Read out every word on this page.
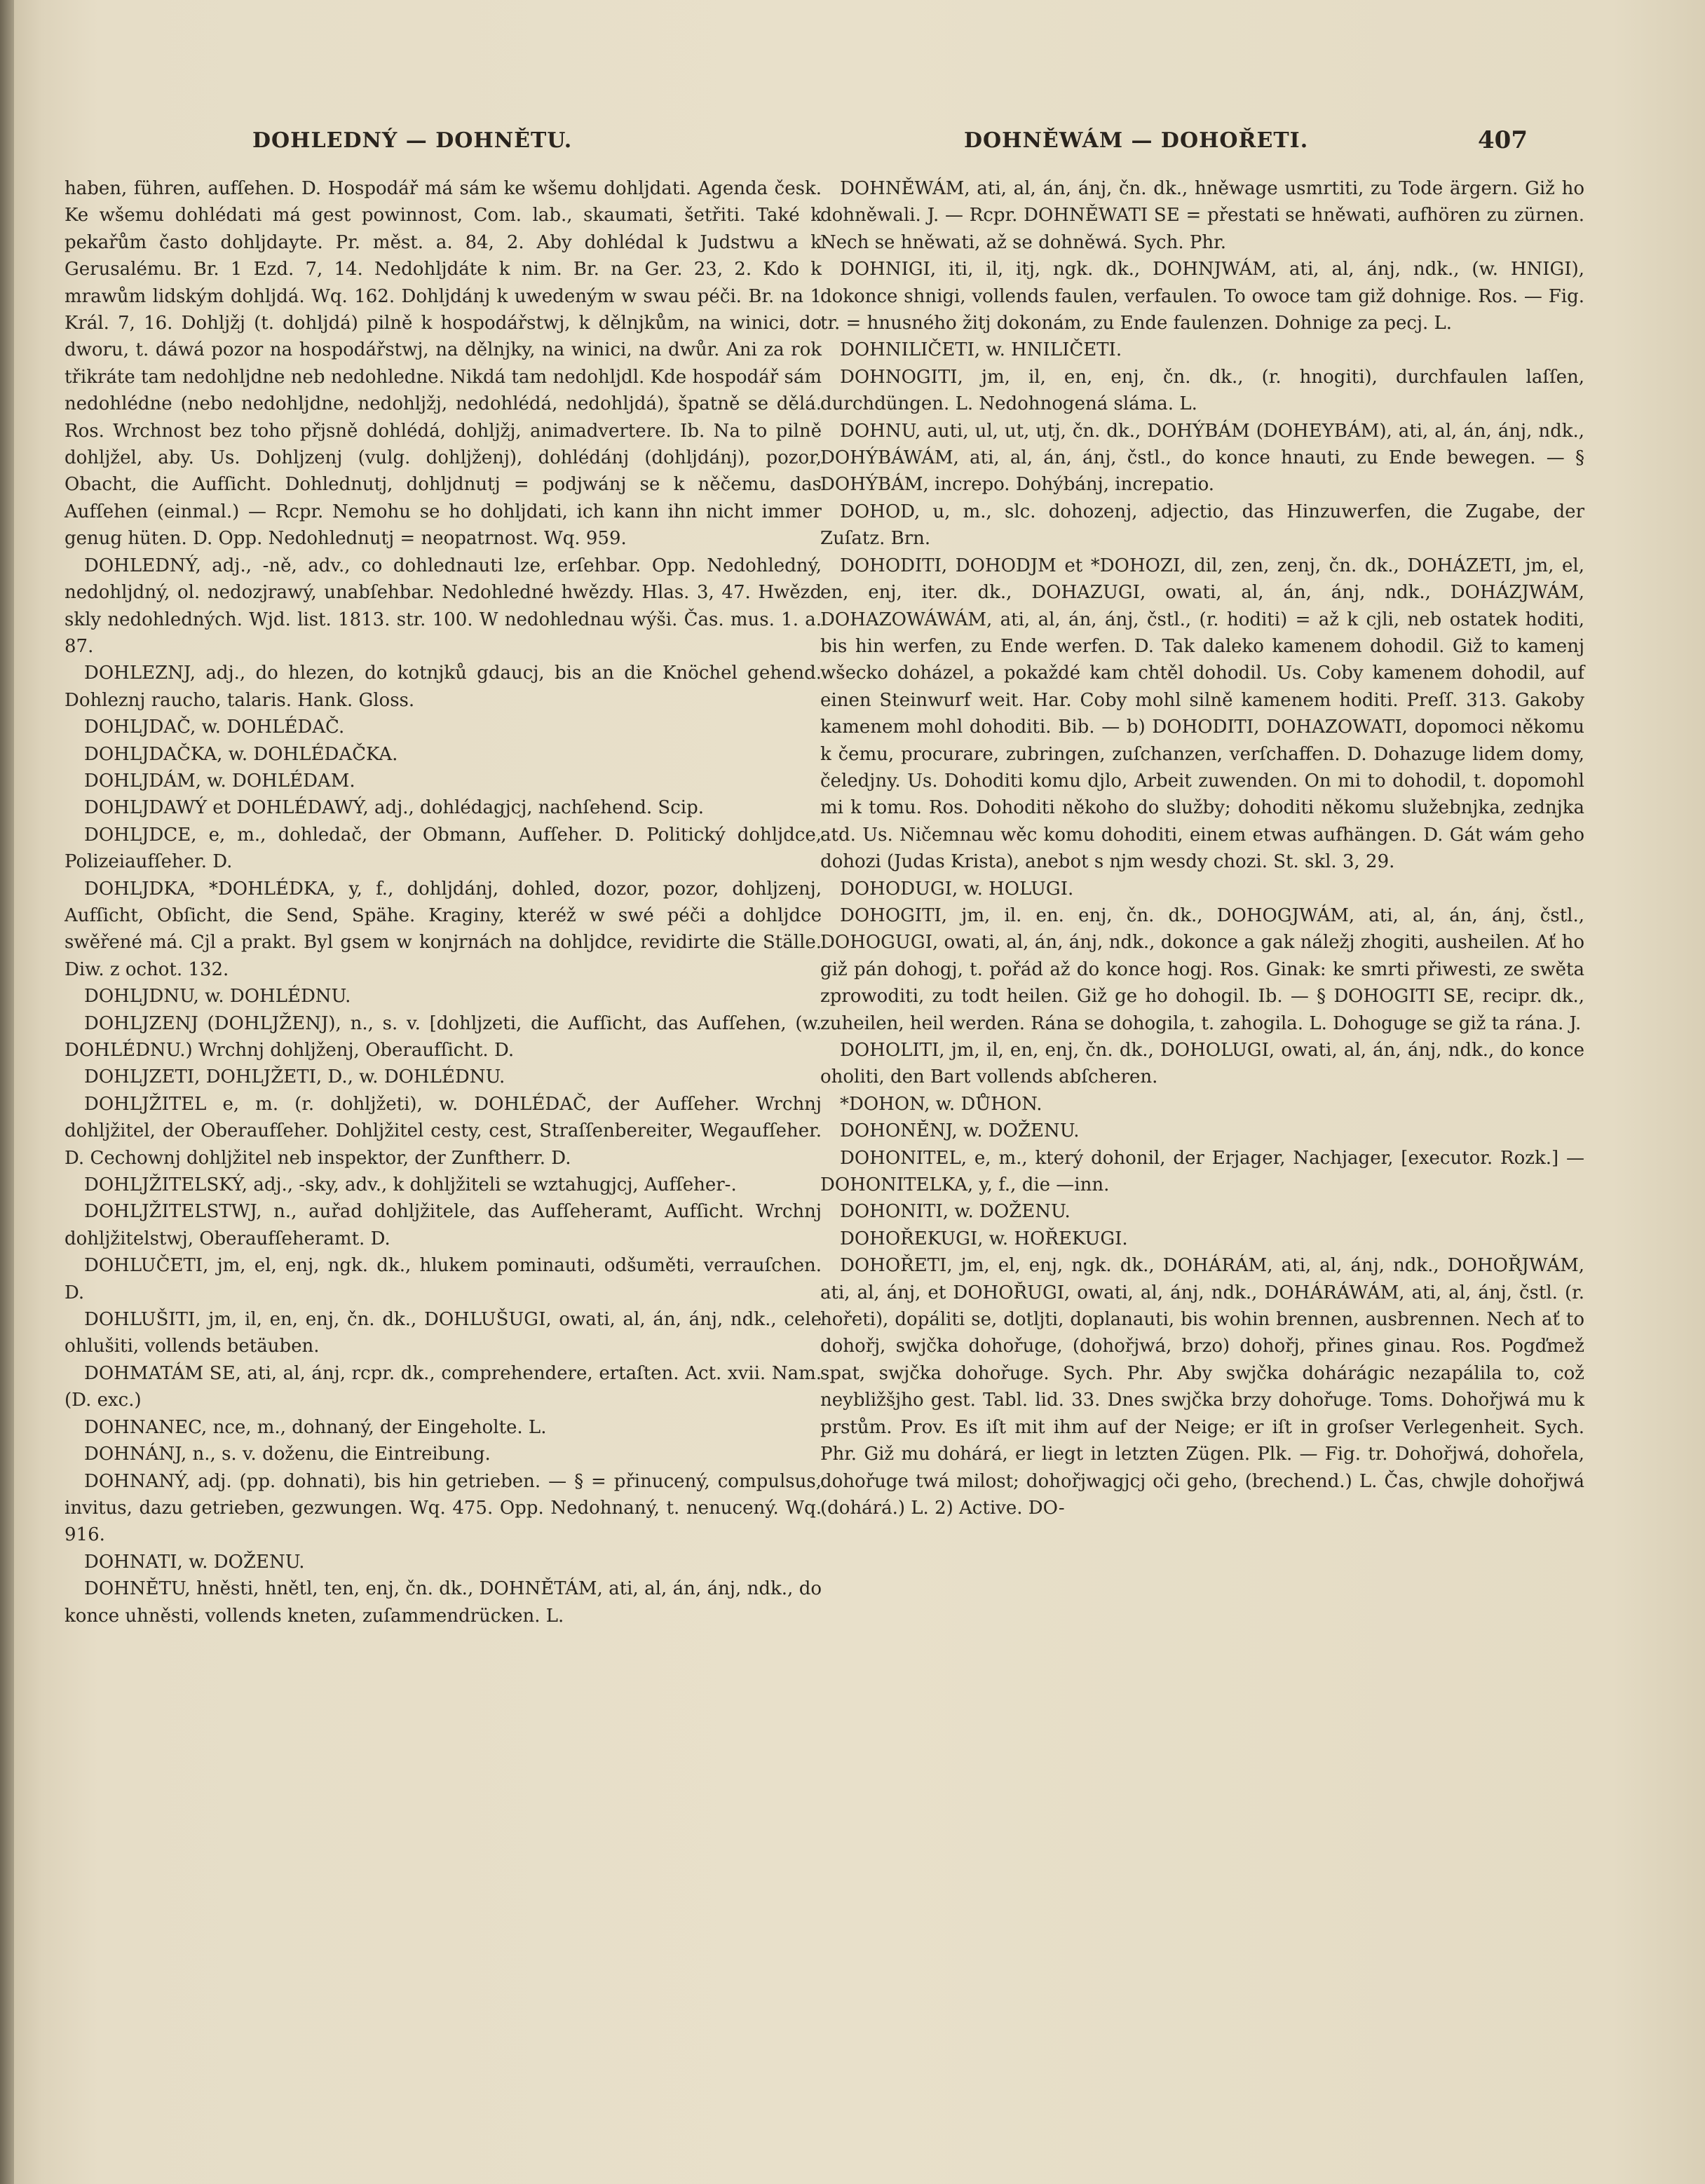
DOHLEDNÝ — DOHNĚTU.	DOHNĚWÁM — DOHOŘETI.	407

haben, führen, aufſehen. D. Hospodář má sám ke wšemu dohljdati. Agenda česk. Ke wšemu dohlédati má gest powinnost, Com. lab., skaumati, šetřiti. Také k pekařům často dohljdayte. Pr. měst. a. 84, 2. Aby dohlédal k Judstwu a k Gerusalému. Br. 1 Ezd. 7, 14. Nedohljdáte k nim. Br. na Ger. 23, 2. Kdo k mrawům lidským dohljdá. Wq. 162. Dohljdánj k uwedeným w swau péči. Br. na 1 Král. 7, 16. Dohljžj (t. dohljdá) pilně k hospodářstwj, k dělnjkům, na winici, do dworu, t. dáwá pozor na hospodářstwj, na dělnjky, na winici, na dwůr. Ani za rok třikráte tam nedohljdne neb nedohledne. Nikdá tam nedohljdl. Kde hospodář sám nedohlédne (nebo nedohljdne, nedohljžj, nedohlédá, nedohljdá), špatně se dělá. Ros. Wrchnost bez toho přjsně dohlédá, dohljžj, animadvertere. Ib. Na to pilně dohljžel, aby. Us. Dohljzenj (vulg. dohljženj), dohlédánj (dohljdánj), pozor, Obacht, die Aufſicht. Dohlednutj, dohljdnutj = podjwánj se k něčemu, das Aufſehen (einmal.) — Rcpr. Nemohu se ho dohljdati, ich kann ihn nicht immer genug hüten. D. Opp. Nedohlednutj = neopatrnost. Wq. 959.

DOHLEDNÝ, adj., -ně, adv., co dohlednauti lze, erſehbar. Opp. Nedohledný, nedohljdný, ol. nedozjrawý, unabſehbar. Nedohledné hwězdy. Hlas. 3, 47. Hwězd skly nedohledných. Wjd. list. 1813. str. 100. W nedohlednau wýši. Čas. mus. 1. a. 87.

DOHLEZNJ, adj., do hlezen, do kotnjků gdaucj, bis an die Knöchel gehend. Dohleznj raucho, talaris. Hank. Gloss.

DOHLJDAČ, w. DOHLÉDAČ.

DOHLJDAČKA, w. DOHLÉDAČKA.

DOHLJDÁM, w. DOHLÉDAM.

DOHLJDAWÝ et DOHLÉDAWÝ, adj., dohlédagjcj, nachſehend. Scip.

DOHLJDCE, e, m., dohledač, der Obmann, Aufſeher. D. Politický dohljdce, Polizeiaufſeher. D.

DOHLJDKA, *DOHLÉDKA, y, f., dohljdánj, dohled, dozor, pozor, dohljzenj, Aufſicht, Obſicht, die Send, Spähe. Kraginy, kteréž w swé péči a dohljdce swěřené má. Cjl a prakt. Byl gsem w konjrnách na dohljdce, revidirte die Ställe. Diw. z ochot. 132.

DOHLJDNU, w. DOHLÉDNU.

DOHLJZENJ (DOHLJŽENJ), n., s. v. [dohljzeti, die Aufſicht, das Aufſehen, (w. DOHLÉDNU.) Wrchnj dohljženj, Oberaufſicht. D.

DOHLJZETI, DOHLJŽETI, D., w. DOHLÉDNU.

DOHLJŽITEL e, m. (r. dohljžeti), w. DOHLÉDAČ, der Aufſeher. Wrchnj dohljžitel, der Oberaufſeher. Dohljžitel cesty, cest, Straſſenbereiter, Wegaufſeher. D. Cechownj dohljžitel neb inspektor, der Zunftherr. D.

DOHLJŽITELSKÝ, adj., -sky, adv., k dohljžiteli se wztahugjcj, Aufſeher-.

DOHLJŽITELSTWJ, n., auřad dohljžitele, das Aufſeheramt, Aufſicht. Wrchnj dohljžitelstwj, Oberaufſeheramt. D.

DOHLUČETI, jm, el, enj, ngk. dk., hlukem pominauti, odšuměti, verrauſchen. D.

DOHLUŠITI, jm, il, en, enj, čn. dk., DOHLUŠUGI, owati, al, án, ánj, ndk., cele ohlušiti, vollends betäuben.

DOHMATÁM SE, ati, al, ánj, rcpr. dk., comprehendere, ertaſten. Act. xvii. Nam. (D. exc.)

DOHNANEC, nce, m., dohnaný, der Eingeholte. L.

DOHNÁNJ, n., s. v. doženu, die Eintreibung.

DOHNANÝ, adj. (pp. dohnati), bis hin getrieben. — § = přinucený, compulsus, invitus, dazu getrieben, gezwungen. Wq. 475. Opp. Nedohnaný, t. nenucený. Wq. 916.

DOHNATI, w. DOŽENU.

DOHNĚTU, hněsti, hnětl, ten, enj, čn. dk., DOHNĚTÁM, ati, al, án, ánj, ndk., do konce uhněsti, vollends kneten, zuſammendrücken. L.

DOHNĚWÁM, ati, al, án, ánj, čn. dk., hněwage usmrtiti, zu Tode ärgern. Giž ho dohněwali. J. — Rcpr. DOHNĚWATI SE = přestati se hněwati, aufhören zu zürnen. Nech se hněwati, až se dohněwá. Sych. Phr.

DOHNIGI, iti, il, itj, ngk. dk., DOHNJWÁM, ati, al, ánj, ndk., (w. HNIGI), dokonce shnigi, vollends faulen, verfaulen. To owoce tam giž dohnige. Ros. — Fig. tr. = hnusného žitj dokonám, zu Ende faulenzen. Dohnige za pecj. L.

DOHNILIČETI, w. HNILIČETI.

DOHNOGITI, jm, il, en, enj, čn. dk., (r. hnogiti), durchfaulen laſſen, durchdüngen. L. Nedohnogená sláma. L.

DOHNU, auti, ul, ut, utj, čn. dk., DOHÝBÁM (DOHEYBÁM), ati, al, án, ánj, ndk., DOHÝBÁWÁM, ati, al, án, ánj, čstl., do konce hnauti, zu Ende bewegen. — § DOHÝBÁM, increpo. Dohýbánj, increpatio.

DOHOD, u, m., slc. dohozenj, adjectio, das Hinzuwerfen, die Zugabe, der Zuſatz. Brn.

DOHODITI, DOHODJM et *DOHOZI, dil, zen, zenj, čn. dk., DOHÁZETI, jm, el, en, enj, iter. dk., DOHAZUGI, owati, al, án, ánj, ndk., DOHÁZJWÁM, DOHAZOWÁWÁM, ati, al, án, ánj, čstl., (r. hoditi) = až k cjli, neb ostatek hoditi, bis hin werfen, zu Ende werfen. D. Tak daleko kamenem dohodil. Giž to kamenj wšecko doházel, a pokaždé kam chtěl dohodil. Us. Coby kamenem dohodil, auf einen Steinwurf weit. Har. Coby mohl silně kamenem hoditi. Preſſ. 313. Gakoby kamenem mohl dohoditi. Bib. — b) DOHODITI, DOHAZOWATI, dopomoci někomu k čemu, procurare, zubringen, zuſchanzen, verſchaffen. D. Dohazuge lidem domy, čeledjny. Us. Dohoditi komu djlo, Arbeit zuwenden. On mi to dohodil, t. dopomohl mi k tomu. Ros. Dohoditi někoho do služby; dohoditi někomu služebnjka, zednjka atd. Us. Ničemnau wěc komu dohoditi, einem etwas aufhängen. D. Gát wám geho dohozi (Judas Krista), anebot s njm wesdy chozi. St. skl. 3, 29.

DOHODUGI, w. HOLUGI.

DOHOGITI, jm, il. en. enj, čn. dk., DOHOGJWÁM, ati, al, án, ánj, čstl., DOHOGUGI, owati, al, án, ánj, ndk., dokonce a gak náležj zhogiti, ausheilen. Ať ho giž pán dohogj, t. pořád až do konce hogj. Ros. Ginak: ke smrti přiwesti, ze swěta zprowoditi, zu todt heilen. Giž ge ho dohogil. Ib. — § DOHOGITI SE, recipr. dk., zuheilen, heil werden. Rána se dohogila, t. zahogila. L. Dohoguge se giž ta rána. J.

DOHOLITI, jm, il, en, enj, čn. dk., DOHOLUGI, owati, al, án, ánj, ndk., do konce oholiti, den Bart vollends abſcheren.

*DOHON, w. DŮHON.

DOHONĚNJ, w. DOŽENU.

DOHONITEL, e, m., který dohonil, der Erjager, Nachjager, [executor. Rozk.] — DOHONITELKA, y, f., die —inn.

DOHONITI, w. DOŽENU.

DOHOŘEKUGI, w. HOŘEKUGI.

DOHOŘETI, jm, el, enj, ngk. dk., DOHÁRÁM, ati, al, ánj, ndk., DOHOŘJWÁM, ati, al, ánj, et DOHOŘUGI, owati, al, ánj, ndk., DOHÁRÁWÁM, ati, al, ánj, čstl. (r. hořeti), dopáliti se, dotljti, doplanauti, bis wohin brennen, ausbrennen. Nech ať to dohořj, swjčka dohořuge, (dohořjwá, brzo) dohořj, přines ginau. Ros. Pogďmež spat, swjčka dohořuge. Sych. Phr. Aby swjčka dohárágic nezapálila to, což neybližšjho gest. Tabl. lid. 33. Dnes swjčka brzy dohořuge. Toms. Dohořjwá mu k prstům. Prov. Es iſt mit ihm auf der Neige; er iſt in groſser Verlegenheit. Sych. Phr. Giž mu dohárá, er liegt in letzten Zügen. Plk. — Fig. tr. Dohořjwá, dohořela, dohořuge twá milost; dohořjwagjcj oči geho, (brechend.) L. Čas, chwjle dohořjwá (dohárá.) L. 2) Active. DO-
